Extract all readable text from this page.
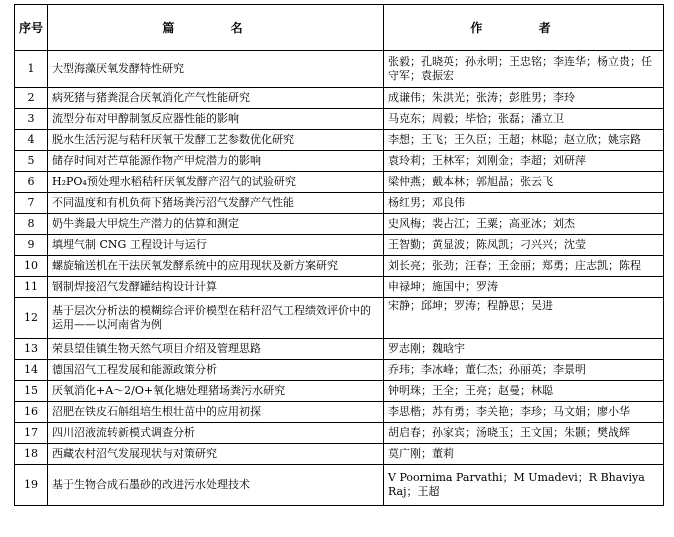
序号	篇 名	作 者
1	大型海藻厌氧发酵特性研究	张毅；孔晓英；孙永明；王忠铭；李连华；杨立贵；任守军；袁振宏
2	病死猪与猪粪混合厌氧消化产气性能研究	成谦伟；朱洪光；张涛；彭胜男；李玲
3	流型分布对甲醇制氢反应器性能的影响	马克东；周毅；毕恰；张磊；潘立卫
4	脱水生活污泥与秸秆厌氧干发酵工艺参数优化研究	李想；王飞；王久臣；王超；林聪；赵立欣；姚宗路
5	储存时间对芒草能源作物产甲烷潜力的影响	袁玲莉；王林军；刘刚金；李超；刘研萍
6	H₂PO₄预处理水稻秸秆厌氧发酵产沼气的试验研究	梁仲燕；戴本林；郭旭晶；张云飞
7	不同温度和有机负荷下猪场粪污沼气发酵产气性能	杨红男；邓良伟
8	奶牛粪最大甲烷生产潜力的估算和测定	史风梅；裴占江；王粟；高亚冰；刘杰
9	填埋气制 CNG 工程设计与运行	王智勤；黄显波；陈凤凯；刁兴兴；沈莹
10	螺旋输送机在干法厌氧发酵系统中的应用现状及新方案研究	刘长亮；张劲；汪春；王金丽；郑勇；庄志凯；陈程
11	钢制焊接沼气发酵罐结构设计计算	申禄坤；施国中；罗涛
12	基于层次分析法的模糊综合评价模型在秸秆沼气工程绩效评价中的运用——以河南省为例	宋静；邱坤；罗涛；程静思；吴进
13	荣县望佳镇生物天然气项目介绍及管理思路	罗志刚；魏晗宇
14	德国沼气工程发展和能源政策分析	乔玮；李冰峰；董仁杰；孙丽英；李景明
15	厌氧消化+A～2/O+氧化塘处理猪场粪污水研究	钟明珠；王全；王亮；赵曼；林聪
16	沼肥在铁皮石斛组培生根壮苗中的应用初探	李思楷；苏有勇；李关艳；李珍；马文娟；廖小华
17	四川沼液流转新模式调查分析	胡启春；孙家宾；汤晓玉；王文国；朱颢；樊战辉
18	西藏农村沼气发展现状与对策研究	莫广刚；董莉
19	基于生物合成石墨砂的改进污水处理技术	V Poornima Parvathi；M Umadevi；R Bhaviya Raj；王超
